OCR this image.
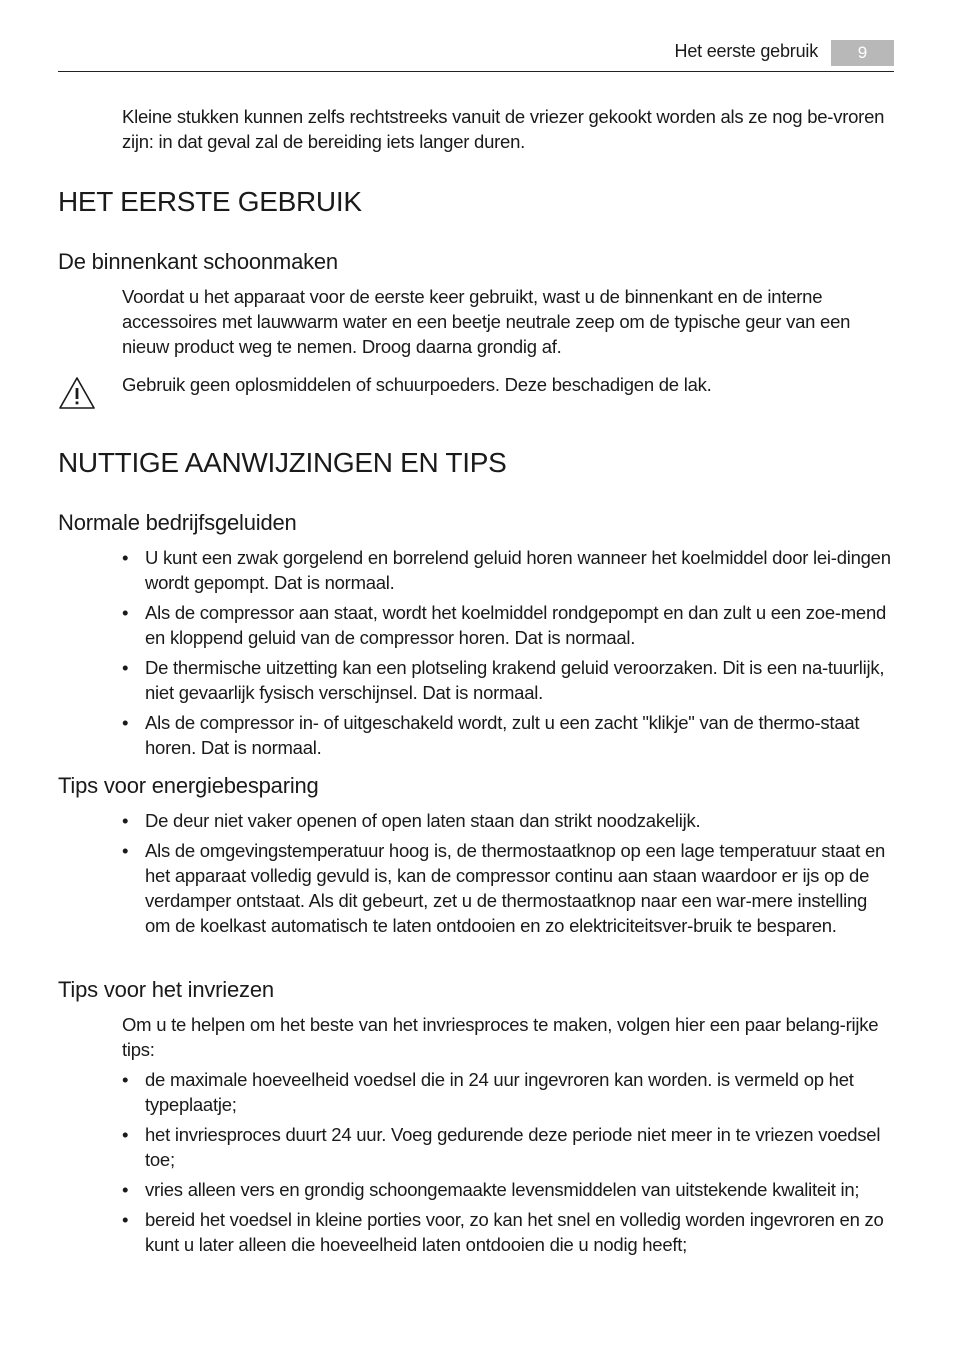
Het eerste gebruik	9

Kleine stukken kunnen zelfs rechtstreeks vanuit de vriezer gekookt worden als ze nog be-vroren zijn: in dat geval zal de bereiding iets langer duren.

HET EERSTE GEBRUIK
De binnenkant schoonmaken

Voordat u het apparaat voor de eerste keer gebruikt, wast u de binnenkant en de interne accessoires met lauwwarm water en een beetje neutrale zeep om de typische geur van een nieuw product weg te nemen. Droog daarna grondig af.

Gebruik geen oplosmiddelen of schuurpoeders. Deze beschadigen de lak.

NUTTIGE AANWIJZINGEN EN TIPS
Normale bedrijfsgeluiden
• U kunt een zwak gorgelend en borrelend geluid horen wanneer het koelmiddel door lei-dingen wordt gepompt. Dat is normaal.
• Als de compressor aan staat, wordt het koelmiddel rondgepompt en dan zult u een zoe-mend en kloppend geluid van de compressor horen. Dat is normaal.
• De thermische uitzetting kan een plotseling krakend geluid veroorzaken. Dit is een na-tuurlijk, niet gevaarlijk fysisch verschijnsel. Dat is normaal.
• Als de compressor in- of uitgeschakeld wordt, zult u een zacht "klikje" van de thermo-staat horen. Dat is normaal.
Tips voor energiebesparing
• De deur niet vaker openen of open laten staan dan strikt noodzakelijk.
• Als de omgevingstemperatuur hoog is, de thermostaatknop op een lage temperatuur staat en het apparaat volledig gevuld is, kan de compressor continu aan staan waardoor er ijs op de verdamper ontstaat. Als dit gebeurt, zet u de thermostaatknop naar een war-mere instelling om de koelkast automatisch te laten ontdooien en zo elektriciteitsver-bruik te besparen.
Tips voor het invriezen

Om u te helpen om het beste van het invriesproces te maken, volgen hier een paar belang-rijke tips:

• de maximale hoeveelheid voedsel die in 24 uur ingevroren kan worden. is vermeld op het typeplaatje;
• het invriesproces duurt 24 uur. Voeg gedurende deze periode niet meer in te vriezen voedsel toe;
• vries alleen vers en grondig schoongemaakte levensmiddelen van uitstekende kwaliteit in;
• bereid het voedsel in kleine porties voor, zo kan het snel en volledig worden ingevroren en zo kunt u later alleen die hoeveelheid laten ontdooien die u nodig heeft;
